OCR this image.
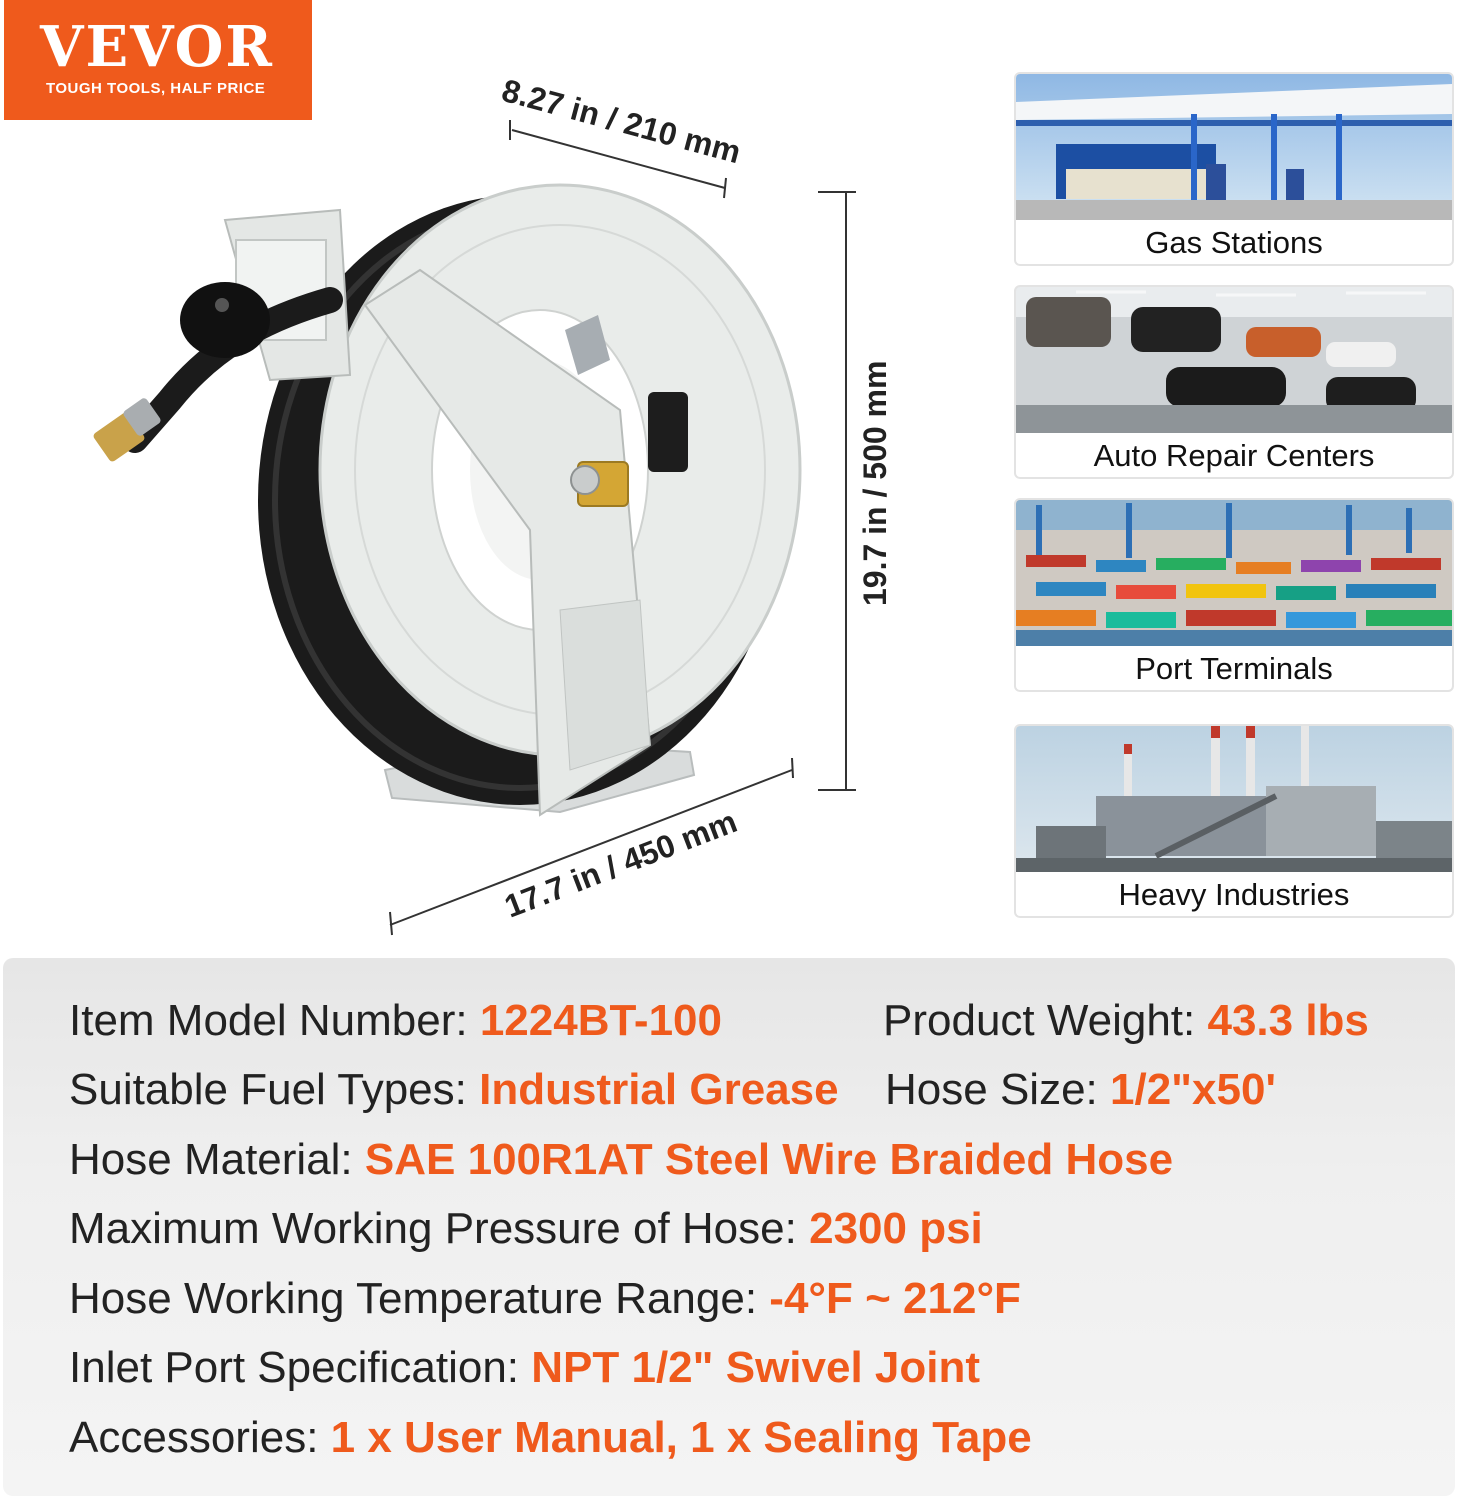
VEVOR
TOUGH TOOLS, HALF PRICE	8.27 in / 210 mm
19.7 in / 500 mm
17.7 in / 450 mm
Gas Stations
Auto Repair Centers
Port Terminals
Heavy Industries
Item Model Number: 1224BT-100	Product Weight: 43.3 lbs
Suitable Fuel Types: Industrial Grease Hose Size: 1/2"x50'
Hose Material: SAE 100R1AT Steel Wire Braided Hose
Maximum Working Pressure of Hose: 2300 psi
Hose Working Temperature Range: -4°F ~ 212°F
Inlet Port Specification: NPT 1/2" Swivel Joint
Accessories: 1 x User Manual, 1 x Sealing Tape
